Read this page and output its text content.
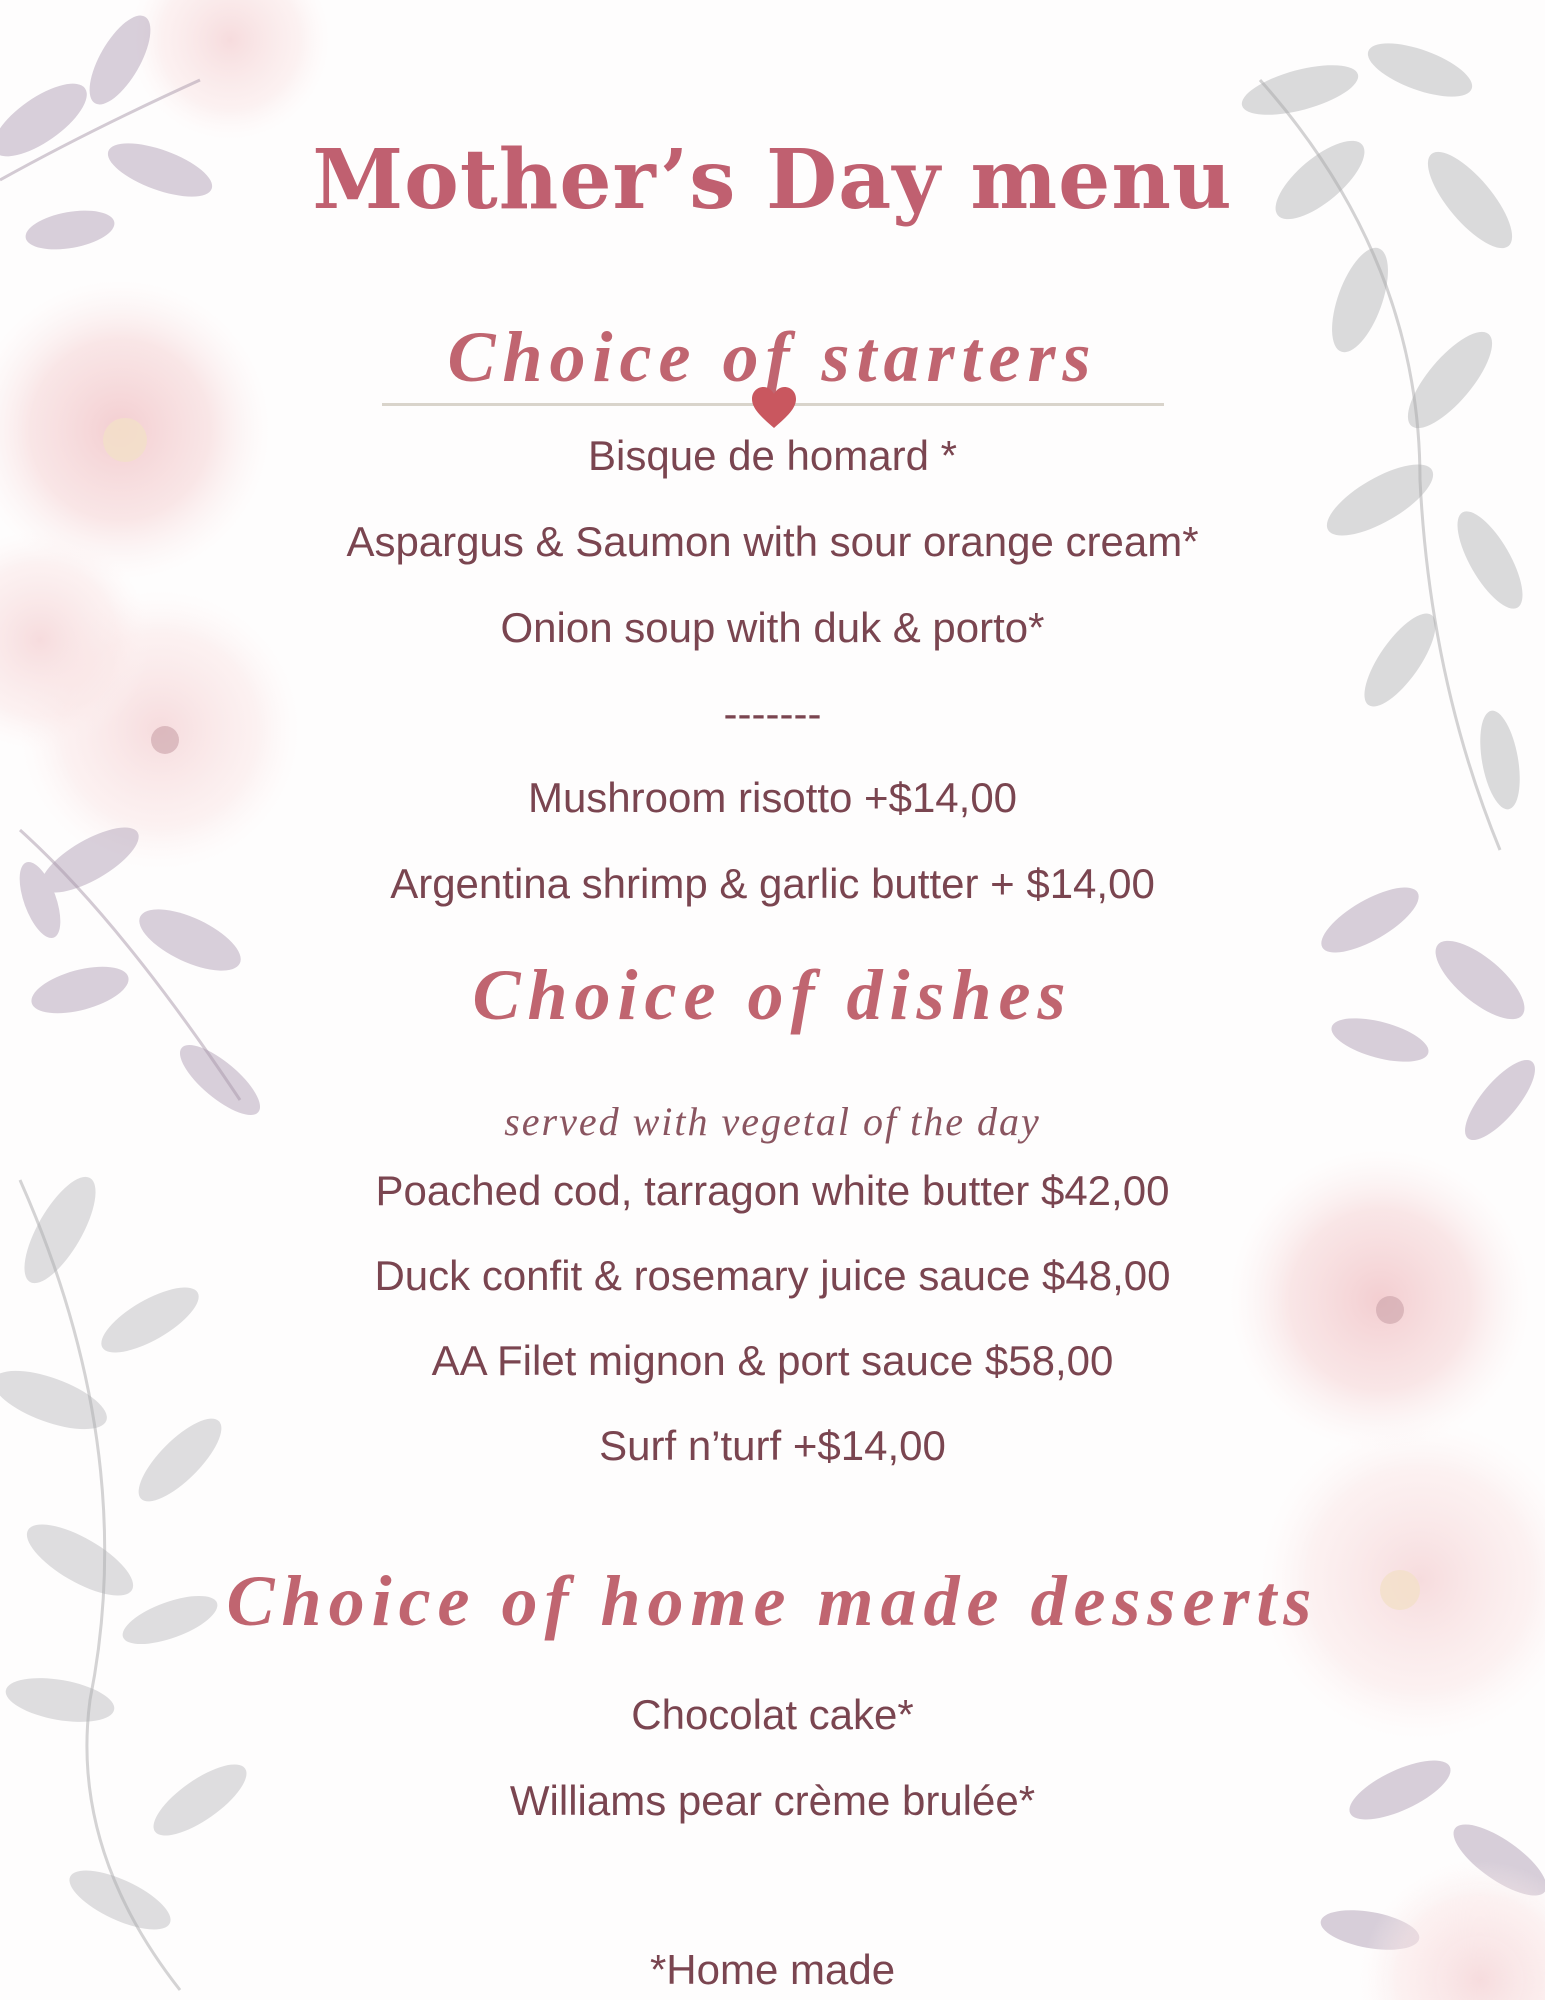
Mother’s Day menu
Choice of starters
Bisque de homard *
Aspargus & Saumon with sour orange cream*
Onion soup with duk & porto*
-------
Mushroom risotto +$14,00
Argentina shrimp & garlic butter + $14,00
Choice of dishes
served with vegetal of the day
Poached cod, tarragon white butter $42,00
Duck confit & rosemary juice sauce $48,00
AA Filet mignon & port sauce $58,00
Surf n’turf +$14,00
Choice of home made desserts
Chocolat cake*
Williams pear crème brulée*
*Home made
